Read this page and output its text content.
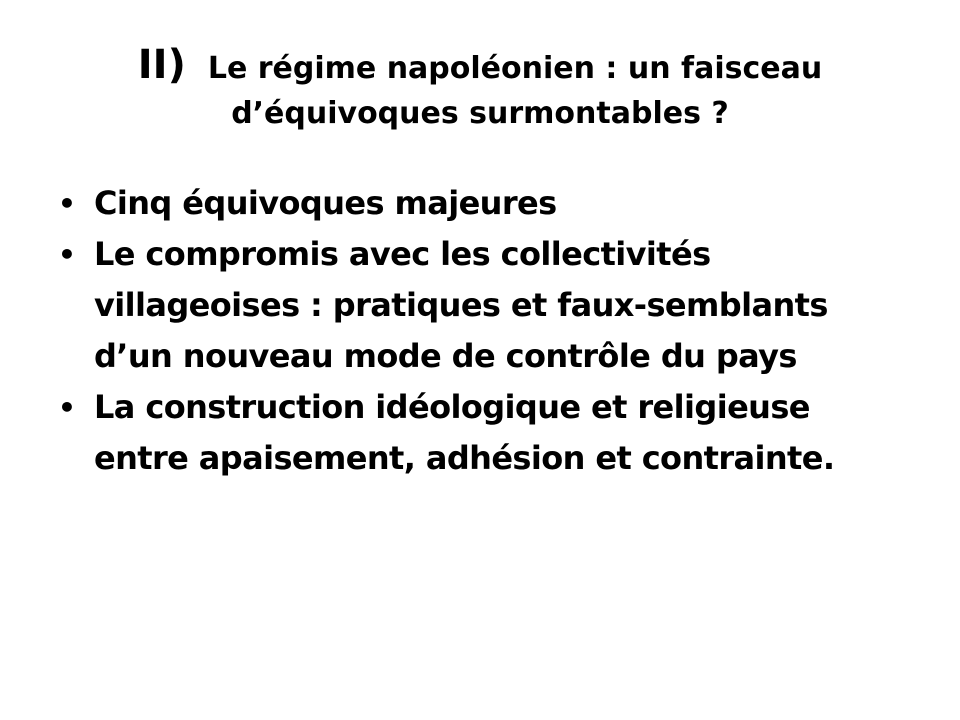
II) Le régime napoléonien : un faisceau
d’équivoques surmontables ?
• Cinq équivoques majeures
• Le compromis avec les collectivités
villageoises : pratiques et faux-semblants
d’un nouveau mode de contrôle du pays
• La construction idéologique et religieuse
entre apaisement, adhésion et contrainte.
